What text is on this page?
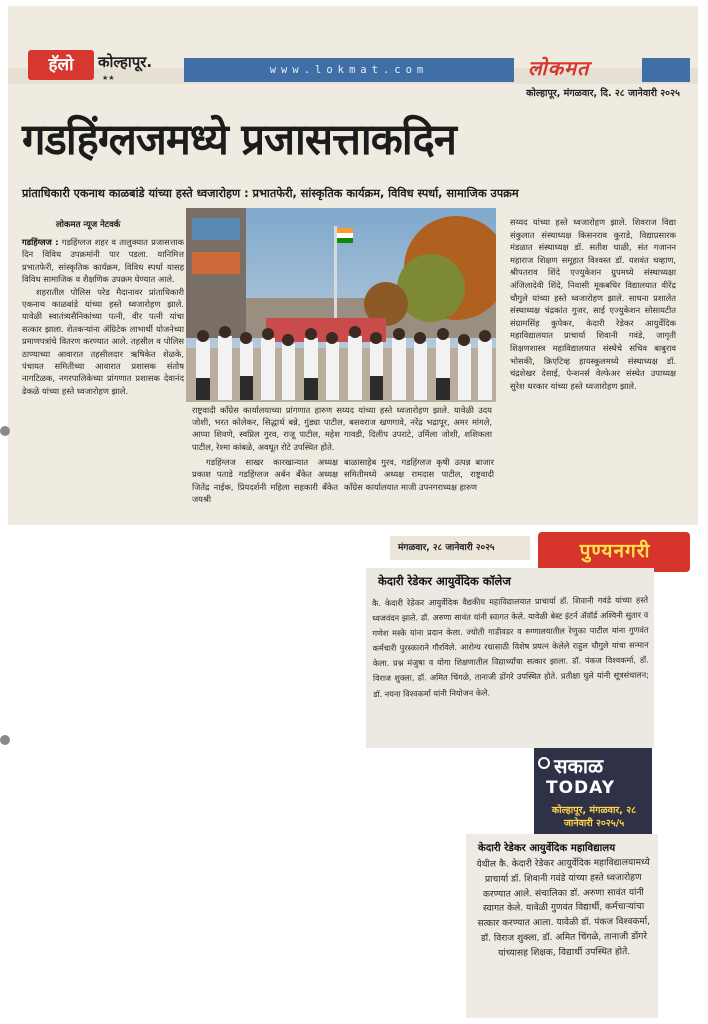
हॅलो	कोल्हापूर.
★★
www.lokmat.com	लोकमत
कोल्हापूर, मंगळवार, दि. २८ जानेवारी २०२५
गडहिंग्लजमध्ये प्रजासत्ताकदिन
प्रांताधिकारी एकनाथ काळबांडे यांच्या हस्ते ध्वजारोहण : प्रभातफेरी, सांस्कृतिक कार्यक्रम, विविध स्पर्धा, सामाजिक उपक्रम
लोकमत न्यूज नेटवर्क

गडहिंग्लज : गडहिंग्लज शहर व तालुक्यात प्रजासत्ताक दिन विविध उपक्रमांनी पार पडला. यानिमित्त प्रभातफेरी, सांस्कृतिक कार्यक्रम, विविध स्पर्धा यासह विविध सामाजिक व शैक्षणिक उपक्रम घेण्यात आले.

शहरातील पोलिस परेड मैदानावर प्रांताधिकारी एकनाथ काळबांडे यांच्या हस्ते ध्वजारोहण झाले. यावेळी स्वातंत्र्यसैनिकांच्या पत्नी, वीर पत्नी यांचा सत्कार झाला. शेतकऱ्यांना ॲग्रिटेक लाभार्थी योजनेच्या प्रमाणपत्रांचे वितरण करण्यात आले. तहसील व पोलिस ठाण्याच्या आवारात तहसीलदार ऋषिकेत शेळके, पंचायत समितीच्या आवारात प्रशासक संतोष नागटिळक, नगरपालिकेच्या प्रांगणात प्रशासक देवानंद ढेकळे यांच्या हस्ते ध्वजारोहण झाले.

राष्ट्रवादी काँग्रेस कार्यालयाच्या प्रांगणात हारुण सय्यद यांच्या हस्ते ध्वजारोहण झाले. यावेळी उदय जोशी, भरत कोलेकर, सिद्धार्थ बन्ने, गुंड्या पाटील, बसवराज खणगावे, नरेंद्र भद्रापूर, अमर मांगले, आप्पा शिवणे, स्वप्निल गुरव, राजू पाटील, महेश गावडी, दिलीप उपराटे, उर्मिला जोशी, शशिकला पाटील, रेश्मा कांबळे, अवधूत रोटे उपस्थित होते.

गडहिंग्लज साखर कारखान्यात अध्यक्ष प्रकाश पताडे गडहिंग्लज अर्बन बँकेत अध्यक्ष जितेंद्र नाईक, प्रियदर्शनी महिला सहकारी बँकेत जयश्री

बाळासाहेब गुरव, गडहिंग्लज कृषी उत्पन्न बाजार समितीमध्ये अध्यक्ष रामदास पाटील, राष्ट्रवादी काँग्रेस कार्यालयात माजी उपनगराध्यक्ष हारुण

सय्यद यांच्या हस्ते ध्वजारोहण झाले. शिवराज विद्या संकुलात संस्थाध्यक्ष किसनराव कुराडे, विद्याप्रसारक मंडळात संस्थाध्यक्ष डॉ. सतीश घाळी, संत गजानन महाराज शिक्षण समूहात विश्वस्त डॉ. यशवंत चव्हाण, श्रीपतराव शिंदे एज्युकेशन ग्रुपमध्ये संस्थाध्यक्षा अंजिलादेवी शिंदे, निवासी मूकबधिर विद्यालयात वीरेंद्र चौगुले यांच्या हस्ते ध्वजारोहण झाले. साधना प्रशालेत संस्थाध्यक्ष चंद्रकांत गुजर, साई एज्युकेशन सोसायटीत संग्रामसिंह कुपेकर, केदारी रेडेकर आयुर्वेदिक महाविद्यालयात प्राचार्या शिवानी गवंडे, जागृती शिक्षणशास्त्र महाविद्यालयात संस्थेचे सचिव बाबुराव भोसकी, क्रिएटिव्ह हायस्कूलमध्ये संस्थाध्यक्ष डॉ. चंद्रशेखर देसाई, पेन्शनर्स वेल्फेअर संस्थेत उपाध्यक्ष सुरेश थरकार यांच्या हस्ते ध्वजारोहण झाले.

मंगळवार, २८ जानेवारी २०२५	पुण्यनगरी
केदारी रेडेकर आयुर्वेदिक कॉलेज

कै. केदारी रेडेकर आयुर्वेदिक वैद्यकीय महाविद्यालयात प्राचार्या डॉ. शिवानी गवंडे यांच्या हस्ते ध्वजवंदन झाले. डॉ. अरुणा सावंत यांनी स्वागत केले. यावेळी बेस्ट इंटर्न ॲवॉर्ड अश्विनी सुतार व गणेश मस्के यांना प्रदान केला. ज्योती गाडीवडर व रुग्णालयातील रेणुका पाटील यांना गुणवंत कर्मचारी पुरस्काराने गौरविले. आरोग्य रथासाठी विशेष प्रयत्न केलेले राहुल चौगुले यांचा सन्मान केला. प्रश्न मंजुषा व योगा शिक्षणातील विद्यार्थ्यांचा सत्कार झाला. डॉ. पंकज विश्वकर्मा, डॉ. विराज शुक्ला, डॉ. अमित चिंगळे, तानाजी डोंगरे उपस्थित होते. प्रतीक्षा घुले यांनी सूत्रसंचालन; डॉ. नयना विश्वकर्मा यांनी नियोजन केले.

सकाळ
TODAY
कोल्हापूर, मंगळवार, २८ जानेवारी २०२५/५
केदारी रेडेकर आयुर्वेदिक महाविद्यालय

येथील कै. केदारी रेडेकर आयुर्वेदिक महाविद्यालयामध्ये प्राचार्या डॉ. शिवानी गवंडे यांच्या हस्ते ध्वजारोहण करण्यात आले. संचालिका डॉ. अरुणा सावंत यांनी स्वागत केले. यावेळी गुणवंत विद्यार्थी, कर्मचाऱ्यांचा सत्कार करण्यात आला. यावेळी डॉ. पंकज विश्वकर्मा, डॉ. विराज शुक्ला, डॉ. अमित चिंगळे, तानाजी डोंगरे यांच्यासह शिक्षक, विद्यार्थी उपस्थित होते.
